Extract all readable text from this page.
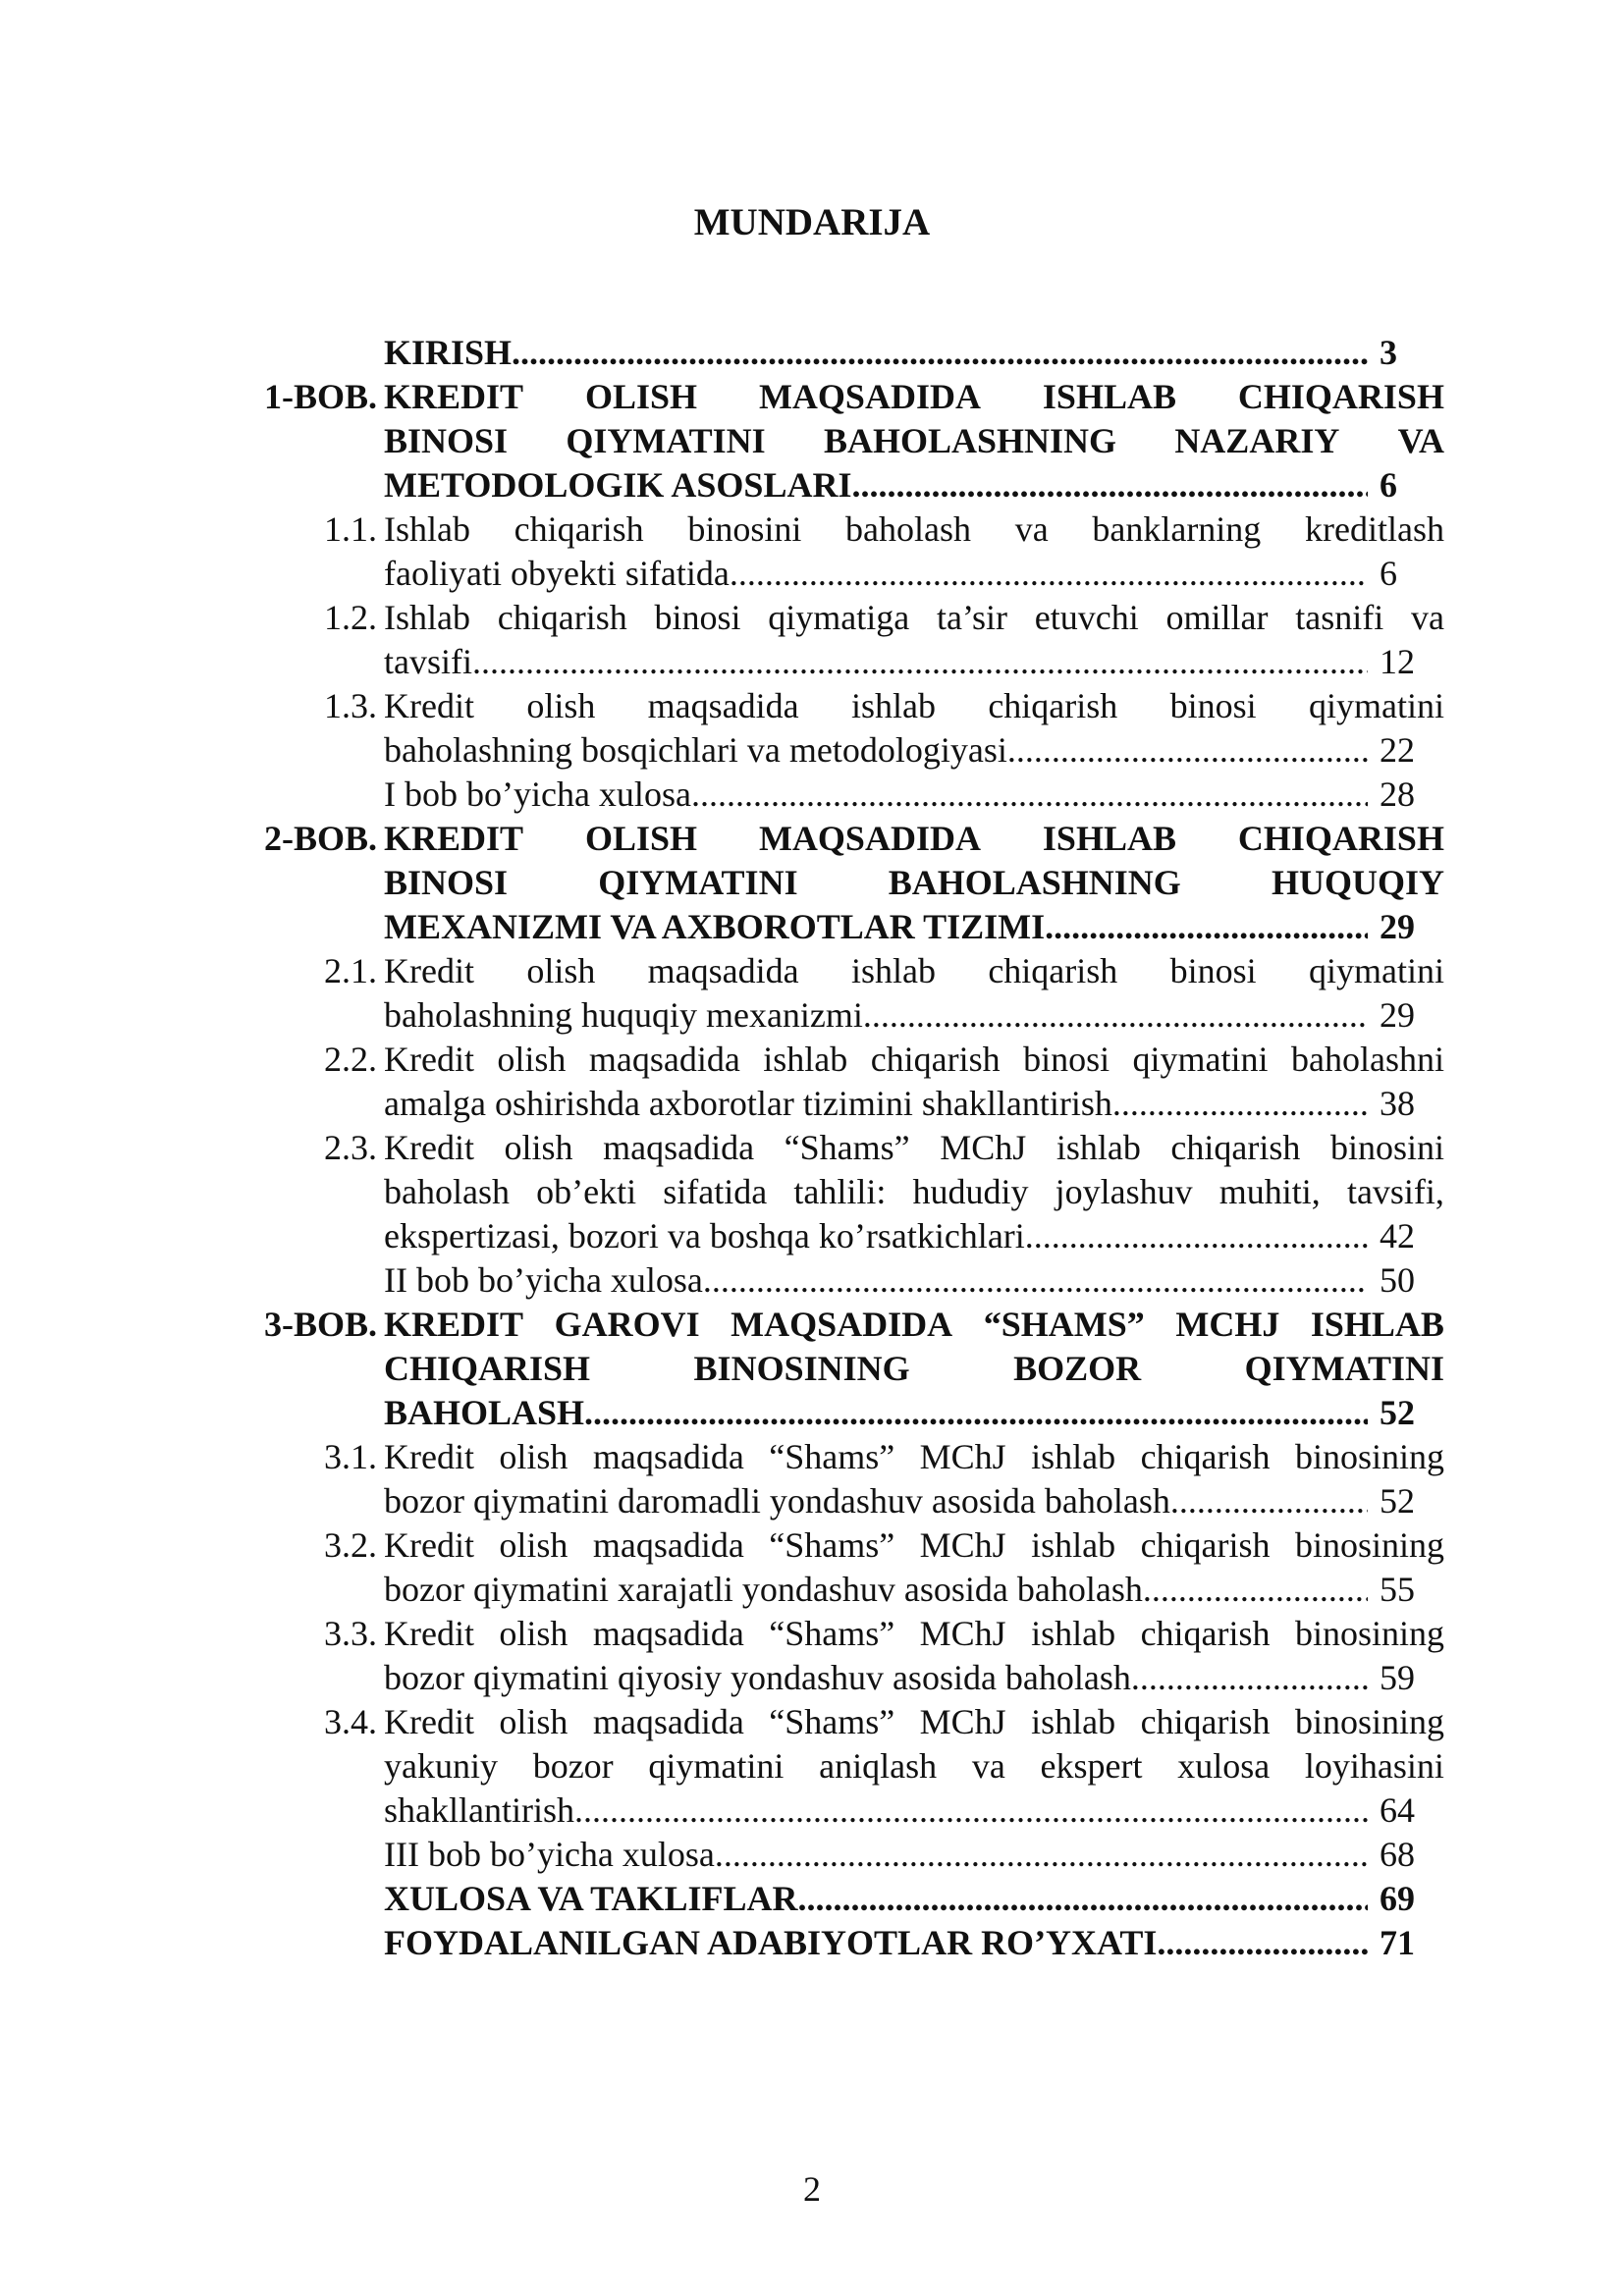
MUNDARIJA
KIRISH .....	3
1-BOB. KREDIT OLISH MAQSADIDA ISHLAB CHIQARISH
BINOSI QIYMATINI BAHOLASHNING NAZARIY VA
METODOLOGIK ASOSLARI .....	6
1.1. Ishlab chiqarish binosini baholash va banklarning kreditlash
faoliyati obyekti sifatida .....	6
1.2. Ishlab chiqarish binosi qiymatiga ta’sir etuvchi omillar tasnifi va
tavsifi .....	12
1.3. Kredit olish maqsadida ishlab chiqarish binosi qiymatini
baholashning bosqichlari va metodologiyasi .....	22
I bob bo’yicha xulosa .....	28
2-BOB. KREDIT OLISH MAQSADIDA ISHLAB CHIQARISH
BINOSI	QIYMATINI	BAHOLASHNING	HUQUQIY
MEXANIZMI VA AXBOROTLAR TIZIMI .....	29
2.1. Kredit olish maqsadida ishlab chiqarish binosi qiymatini
baholashning huquqiy mexanizmi .....	29
2.2. Kredit olish maqsadida ishlab chiqarish binosi qiymatini baholashni
amalga oshirishda axborotlar tizimini shakllantirish .....	38
2.3. Kredit olish maqsadida “Shams” MChJ ishlab chiqarish binosini
baholash ob’ekti sifatida tahlili: hududiy joylashuv muhiti, tavsifi,
ekspertizasi, bozori va boshqa ko’rsatkichlari .....	42
II bob bo’yicha xulosa .....	50
3-BOB. KREDIT GAROVI MAQSADIDA “SHAMS” MCHJ ISHLAB
CHIQARISH	BINOSINING	BOZOR	QIYMATINI
BAHOLASH .....	52
3.1. Kredit olish maqsadida “Shams” MChJ ishlab chiqarish binosining
bozor qiymatini daromadli yondashuv asosida baholash .....	52
3.2. Kredit olish maqsadida “Shams” MChJ ishlab chiqarish binosining
bozor qiymatini xarajatli yondashuv asosida baholash .....	55
3.3. Kredit olish maqsadida “Shams” MChJ ishlab chiqarish binosining
bozor qiymatini qiyosiy yondashuv asosida baholash .....	59
3.4. Kredit olish maqsadida “Shams” MChJ ishlab chiqarish binosining
yakuniy bozor qiymatini aniqlash va ekspert xulosa loyihasini
shakllantirish .....	64
III bob bo’yicha xulosa .....	68
XULOSA VA TAKLIFLAR .....	69
FOYDALANILGAN ADABIYOTLAR RO’YXATI .....	71
2
